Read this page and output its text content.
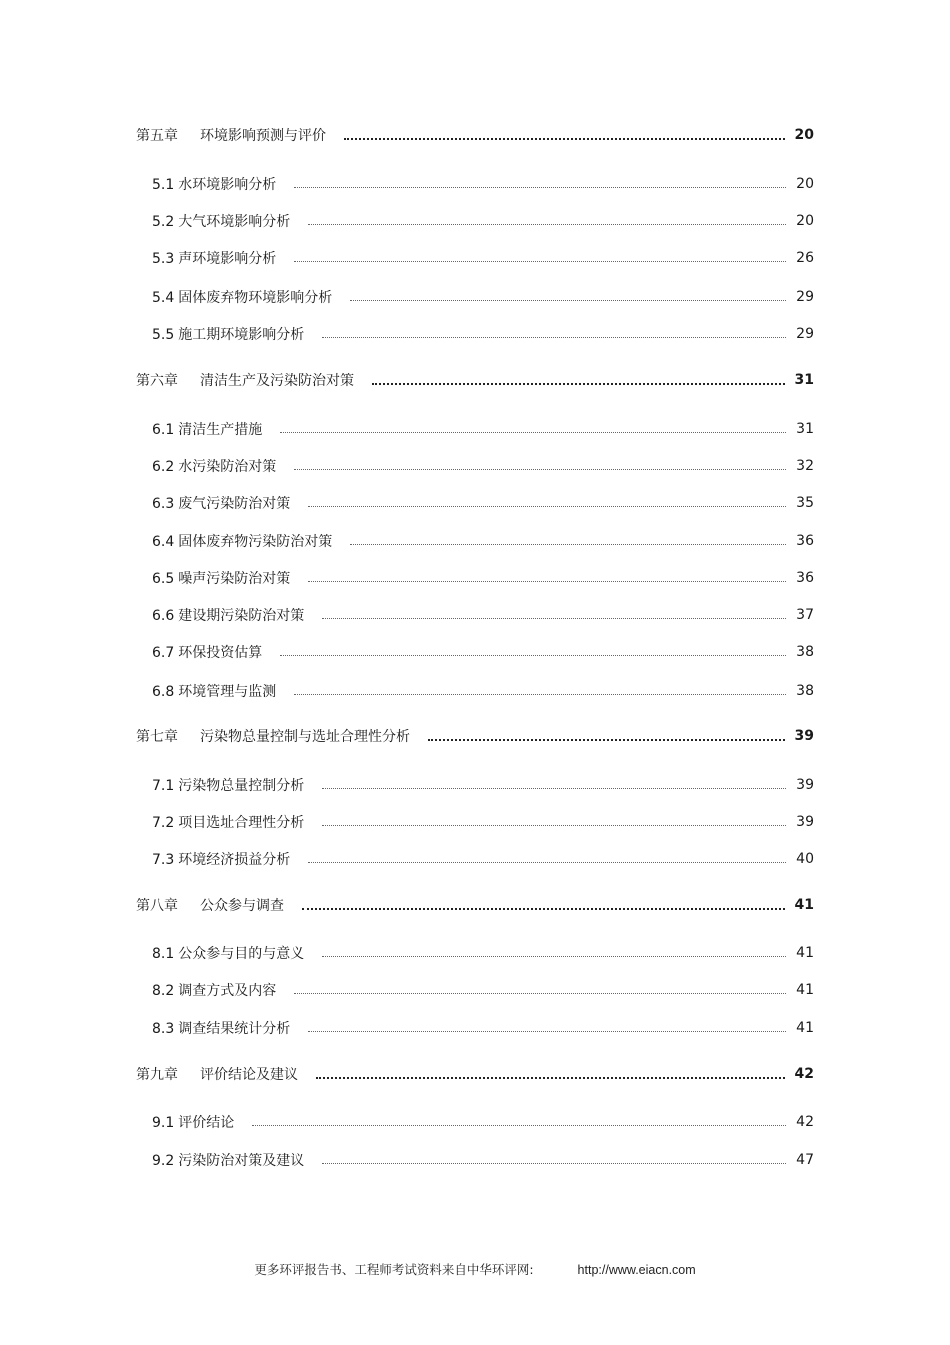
第五章 环境影响预测与评价	20
5.1 水环境影响分析	20
5.2 大气环境影响分析	20
5.3 声环境影响分析	26
5.4 固体废弃物环境影响分析	29
5.5 施工期环境影响分析	29
第六章 清洁生产及污染防治对策	31
6.1 清洁生产措施	31
6.2 水污染防治对策	32
6.3 废气污染防治对策	35
6.4 固体废弃物污染防治对策	36
6.5 噪声污染防治对策	36
6.6 建设期污染防治对策	37
6.7 环保投资估算	38
6.8 环境管理与监测	38
第七章 污染物总量控制与选址合理性分析	39
7.1 污染物总量控制分析	39
7.2 项目选址合理性分析	39
7.3 环境经济损益分析	40
第八章 公众参与调查	41
8.1 公众参与目的与意义	41
8.2 调查方式及内容	41
8.3 调查结果统计分析	41
第九章 评价结论及建议	42
9.1 评价结论	42
9.2 污染防治对策及建议	47
更多环评报告书、工程师考试资料来自中华环评网:	http://www.eiacn.com
